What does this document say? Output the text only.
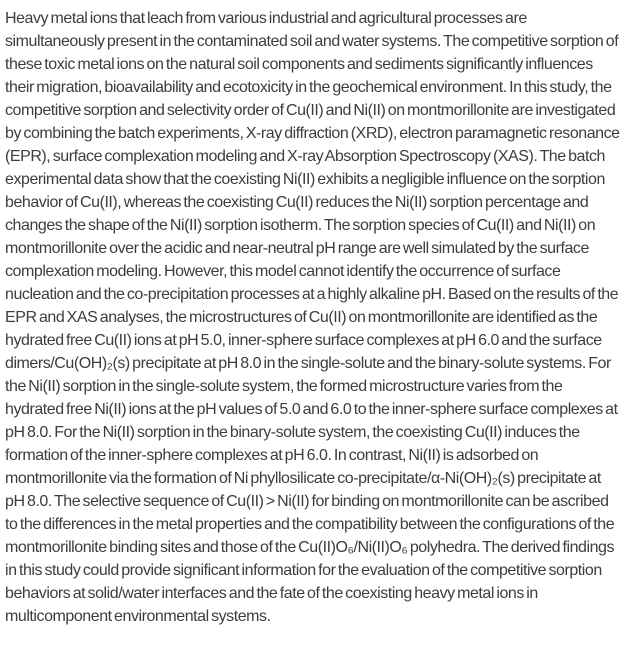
Heavy metal ions that leach from various industrial and agricultural processes are simultaneously present in the contaminated soil and water systems. The competitive sorption of these toxic metal ions on the natural soil components and sediments significantly influences their migration, bioavailability and ecotoxicity in the geochemical environment. In this study, the competitive sorption and selectivity order of Cu(II) and Ni(II) on montmorillonite are investigated by combining the batch experiments, X-ray diffraction (XRD), electron paramagnetic resonance (EPR), surface complexation modeling and X-ray Absorption Spectroscopy (XAS). The batch experimental data show that the coexisting Ni(II) exhibits a negligible influence on the sorption behavior of Cu(II), whereas the coexisting Cu(II) reduces the Ni(II) sorption percentage and changes the shape of the Ni(II) sorption isotherm. The sorption species of Cu(II) and Ni(II) on montmorillonite over the acidic and near-neutral pH range are well simulated by the surface complexation modeling. However, this model cannot identify the occurrence of surface nucleation and the co-precipitation processes at a highly alkaline pH. Based on the results of the EPR and XAS analyses, the microstructures of Cu(II) on montmorillonite are identified as the hydrated free Cu(II) ions at pH 5.0, inner-sphere surface complexes at pH 6.0 and the surface dimers/Cu(OH)₂(s) precipitate at pH 8.0 in the single-solute and the binary-solute systems. For the Ni(II) sorption in the single-solute system, the formed microstructure varies from the hydrated free Ni(II) ions at the pH values of 5.0 and 6.0 to the inner-sphere surface complexes at pH 8.0. For the Ni(II) sorption in the binary-solute system, the coexisting Cu(II) induces the formation of the inner-sphere complexes at pH 6.0. In contrast, Ni(II) is adsorbed on montmorillonite via the formation of Ni phyllosilicate co-precipitate/α-Ni(OH)₂(s) precipitate at pH 8.0. The selective sequence of Cu(II) > Ni(II) for binding on montmorillonite can be ascribed to the differences in the metal properties and the compatibility between the configurations of the montmorillonite binding sites and those of the Cu(II)O₆/Ni(II)O₆ polyhedra. The derived findings in this study could provide significant information for the evaluation of the competitive sorption behaviors at solid/water interfaces and the fate of the coexisting heavy metal ions in multicomponent environmental systems.
